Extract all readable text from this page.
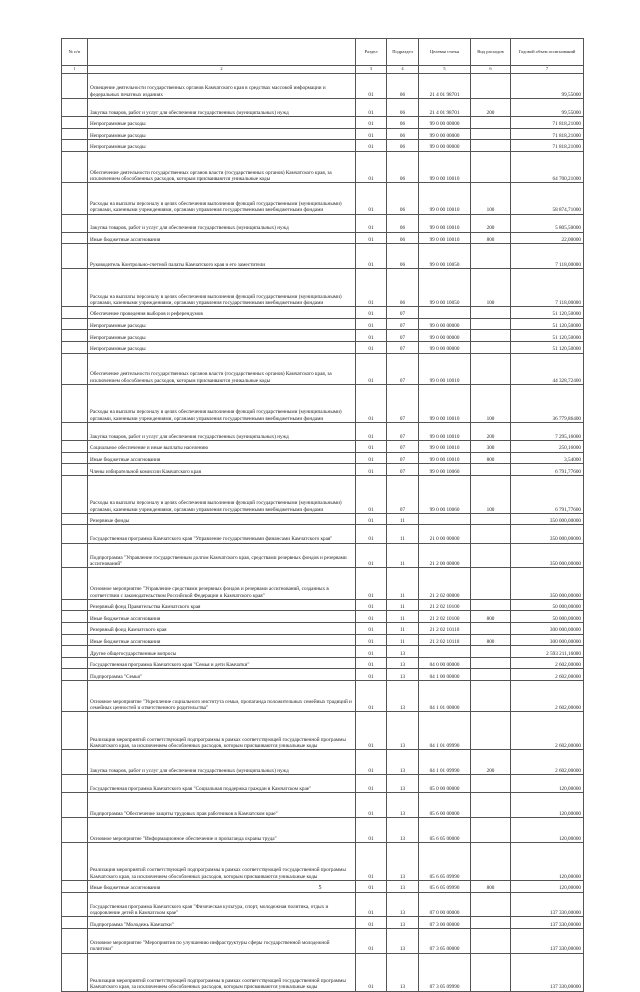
№ п/п		Раздел	Подраздел	Целевая статья	Вид расходов	Годовой объем ассигнований
1	2	3	4	5	6	7
	Освещение деятельности государственных органов Камчатского края в средствах массовой информации и федеральных печатных изданиях	01	06	21 4 01 98701		99,55000
	Закупка товаров, работ и услуг для обеспечения государственных (муниципальных) нужд	01	06	21 4 01 98701	200	99,55000
	Непрограммные расходы	01	06	99 0 00 00000		71 818,21000
	Непрограммные расходы	01	06	99 0 00 00000		71 818,21000
	Непрограммные расходы	01	06	99 0 00 00000		71 818,21000
	Обеспечение деятельности государственных органов власти (государственных органов) Камчатского края, за исключением обособленных расходов, которым присваиваются уникальные коды	01	06	99 0 00 10010		64 700,21000
	Расходы на выплаты персоналу в целях обеспечения выполнения функций государственными (муниципальными) органами, казенными учреждениями, органами управления государственными внебюджетными фондами	01	06	99 0 00 10010	100	58 874,71000
	Закупка товаров, работ и услуг для обеспечения государственных (муниципальных) нужд	01	06	99 0 00 10010	200	5 805,50000
	Иные бюджетные ассигнования	01	06	99 0 00 10010	800	22,00000
	Руководитель Контрольно-счетной палаты Камчатского края и его заместители	01	06	99 0 00 10050		7 118,00000
	Расходы на выплаты персоналу в целях обеспечения выполнения функций государственными (муниципальными) органами, казенными учреждениями, органами управления государственными внебюджетными фондами	01	06	99 0 00 10050	100	7 118,00000
	Обеспечение проведения выборов и референдумов	01	07			51 120,50000
	Непрограммные расходы	01	07	99 0 00 00000		51 120,50000
	Непрограммные расходы	01	07	99 0 00 00000		51 120,50000
	Непрограммные расходы	01	07	99 0 00 00000		51 120,50000
	Обеспечение деятельности государственных органов власти (государственных органов) Камчатского края, за исключением обособленных расходов, которым присваиваются уникальные коды	01	07	99 0 00 10010		44 328,72400
	Расходы на выплаты персоналу в целях обеспечения выполнения функций государственными (муниципальными) органами, казенными учреждениями, органами управления государственными внебюджетными фондами	01	07	99 0 00 10010	100	36 779,86400
	Закупка товаров, работ и услуг для обеспечения государственных (муниципальных) нужд	01	07	99 0 00 10010	200	7 295,16000
	Социальное обеспечение и иные выплаты населению	01	07	99 0 00 10010	300	250,16000
	Иные бюджетные ассигнования	01	07	99 0 00 10010	800	3,54000
	Члены избирательной комиссии Камчатского края	01	07	99 0 00 10060		6 791,77600
	Расходы на выплаты персоналу в целях обеспечения выполнения функций государственными (муниципальными) органами, казенными учреждениями, органами управления государственными внебюджетными фондами	01	07	99 0 00 10060	100	6 791,77600
	Резервные фонды	01	11			350 000,00000
	Государственная программа Камчатского края "Управление государственными финансами Камчатского края"	01	11	21 0 00 00000		350 000,00000
	Подпрограмма "Управление государственным долгом Камчатского края, средствами резервных фондов и резервами ассигнований"	01	11	21 2 00 00000		350 000,00000
	Основное мероприятие "Управление средствами резервных фондов и резервами ассигнований, созданных в соответствии с законодательством Российской Федерации и Камчатского края"	01	11	21 2 02 00000		350 000,00000
	Резервный фонд Правительства Камчатского края	01	11	21 2 02 10100		50 000,00000
	Иные бюджетные ассигнования	01	11	21 2 02 10100	800	50 000,00000
	Резервный фонд Камчатского края	01	11	21 2 02 10110		300 000,00000
	Иные бюджетные ассигнования	01	11	21 2 02 10110	800	300 000,00000
	Другие общегосударственные вопросы	01	13			2 593 211,16000
	Государственная программа Камчатского края "Семья и дети Камчатки"	01	13	04 0 00 00000		2 602,00000
	Подпрограмма "Семья"	01	13	04 1 00 00000		2 602,00000
	Основное мероприятие "Укрепление социального института семьи, пропаганда положительных семейных традиций и семейных ценностей и ответственного родительства"	01	13	04 1 01 00000		2 602,00000
	Реализация мероприятий соответствующей подпрограммы в рамках соответствующей государственной программы Камчатского края, за исключением обособленных расходов, которым присваиваются уникальные коды	01	13	04 1 01 09990		2 602,00000
	Закупка товаров, работ и услуг для обеспечения государственных (муниципальных) нужд	01	13	04 1 01 09990	200	2 602,00000
	Государственная программа Камчатского края "Социальная поддержка граждан в Камчатском крае"	01	13	05 0 00 00000		120,00000
	Подпрограмма "Обеспечение защиты трудовых прав работников в Камчатском крае"	01	13	05 6 00 00000		120,00000
	Основное мероприятие "Информационное обеспечение и пропаганда охраны труда"	01	13	05 6 05 00000		120,00000
	Реализация мероприятий соответствующей подпрограммы в рамках соответствующей государственной программы Камчатского края, за исключением обособленных расходов, которым присваиваются уникальные коды	01	13	05 6 05 09990		120,00000
	Иные бюджетные ассигнования	01	13	05 6 05 09990	800	120,00000
	Государственная программа Камчатского края "Физическая культура, спорт, молодежная политика, отдых и оздоровление детей в Камчатском крае"	01	13	07 0 00 00000		137 330,00000
	Подпрограмма "Молодежь Камчатки"	01	13	07 3 00 00000		137 330,00000
	Основное мероприятие "Мероприятия по улучшению инфраструктуры сферы государственной молодежной политики"	01	13	07 3 05 00000		137 330,00000
	Реализация мероприятий соответствующей подпрограммы в рамках соответствующей государственной программы Камчатского края, за исключением обособленных расходов, которым присваиваются уникальные коды	01	13	07 3 05 09990		137 330,00000
5
